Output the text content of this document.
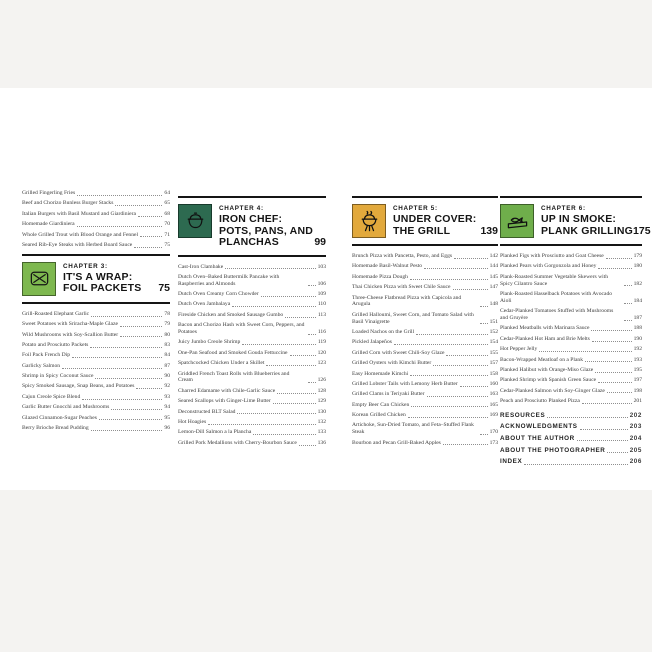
Grilled Fingerling Fries	64
Beef and Chorizo Bunless Burger Stacks	65
Italian Burgers with Basil Mustard and Giardiniera	68
Homemade Giardiniera	70
Whole Grilled Trout with Blood Orange and Fennel	71
Seared Rib-Eye Steaks with Herbed Board Sauce	75
CHAPTER 3:
IT'S A WRAP:
FOIL PACKETS 75
Grill-Roasted Elephant Garlic	78
Sweet Potatoes with Sriracha-Maple Glaze	79
Wild Mushrooms with Soy-Scallion Butter	80
Potato and Prosciutto Packets	83
Foil Pack French Dip	84
Garlicky Salmon	87
Shrimp in Spicy Coconut Sauce	90
Spicy Smoked Sausage, Snap Beans, and Potatoes	92
Cajun Creole Spice Blend	93
Garlic Butter Gnocchi and Mushrooms	94
Glazed Cinnamon-Sugar Peaches	95
Berry Brioche Bread Pudding	96
CHAPTER 4:
IRON CHEF:
POTS, PANS, AND
PLANCHAS	99
Cast-Iron Clambake	103
Dutch Oven–Baked Buttermilk Pancake with Raspberries and Almonds	106
Dutch Oven Creamy Corn Chowder	109
Dutch Oven Jambalaya	110
Fireside Chicken and Smoked Sausage Gumbo	113
Bacon and Chorizo Hash with Sweet Corn, Peppers, and Potatoes	116
Juicy Jumbo Creole Shrimp	119
One-Pan Seafood and Smoked Gouda Fettuccine	120
Spatchcocked Chicken Under a Skillet	123
Griddled French Toast Rolls with Blueberries and Cream	126
Charred Edamame with Chile-Garlic Sauce	128
Seared Scallops with Ginger-Lime Butter	129
Deconstructed BLT Salad	130
Hot Hoagies	132
Lemon-Dill Salmon a la Plancha	133
Grilled Pork Medallions with Cherry-Bourbon Sauce	136
CHAPTER 5:
UNDER COVER:
THE GRILL	139
Brunch Pizza with Pancetta, Pesto, and Eggs	142
Homemade Basil-Walnut Pesto	144
Homemade Pizza Dough	145
Thai Chicken Pizza with Sweet Chile Sauce	147
Three-Cheese Flatbread Pizza with Capicola and Arugula	148
Grilled Halloumi, Sweet Corn, and Tomato Salad with Basil Vinaigrette	151
Loaded Nachos on the Grill	152
Pickled Jalapeños	154
Grilled Corn with Sweet Chili-Soy Glaze	155
Grilled Oysters with Kimchi Butter	157
Easy Homemade Kimchi	158
Grilled Lobster Tails with Lemony Herb Butter	160
Grilled Clams in Teriyaki Butter	163
Empty Beer Can Chicken	165
Korean Grilled Chicken	169
Artichoke, Sun-Dried Tomato, and Feta–Stuffed Flank Steak	170
Bourbon and Pecan Grill-Baked Apples	173
CHAPTER 6:
UP IN SMOKE:
PLANK GRILLING 175
Planked Figs with Prosciutto and Goat Cheese	179
Planked Pears with Gorgonzola and Honey	180
Plank-Roasted Summer Vegetable Skewers with Spicy Cilantro Sauce	182
Plank-Roasted Hasselback Potatoes with Avocado Aioli	184
Cedar-Planked Tomatoes Stuffed with Mushrooms and Gruyère	187
Planked Meatballs with Marinara Sauce	188
Cedar-Planked Hot Ham and Brie Melts	190
Hot Pepper Jelly	192
Bacon-Wrapped Meatloaf on a Plank	193
Planked Halibut with Orange-Miso Glaze	195
Planked Shrimp with Spanish Green Sauce	197
Cedar-Planked Salmon with Soy-Ginger Glaze	198
Peach and Prosciutto Planked Pizza	201
RESOURCES	202
ACKNOWLEDGMENTS	203
ABOUT THE AUTHOR	204
ABOUT THE PHOTOGRAPHER	205
INDEX	206
